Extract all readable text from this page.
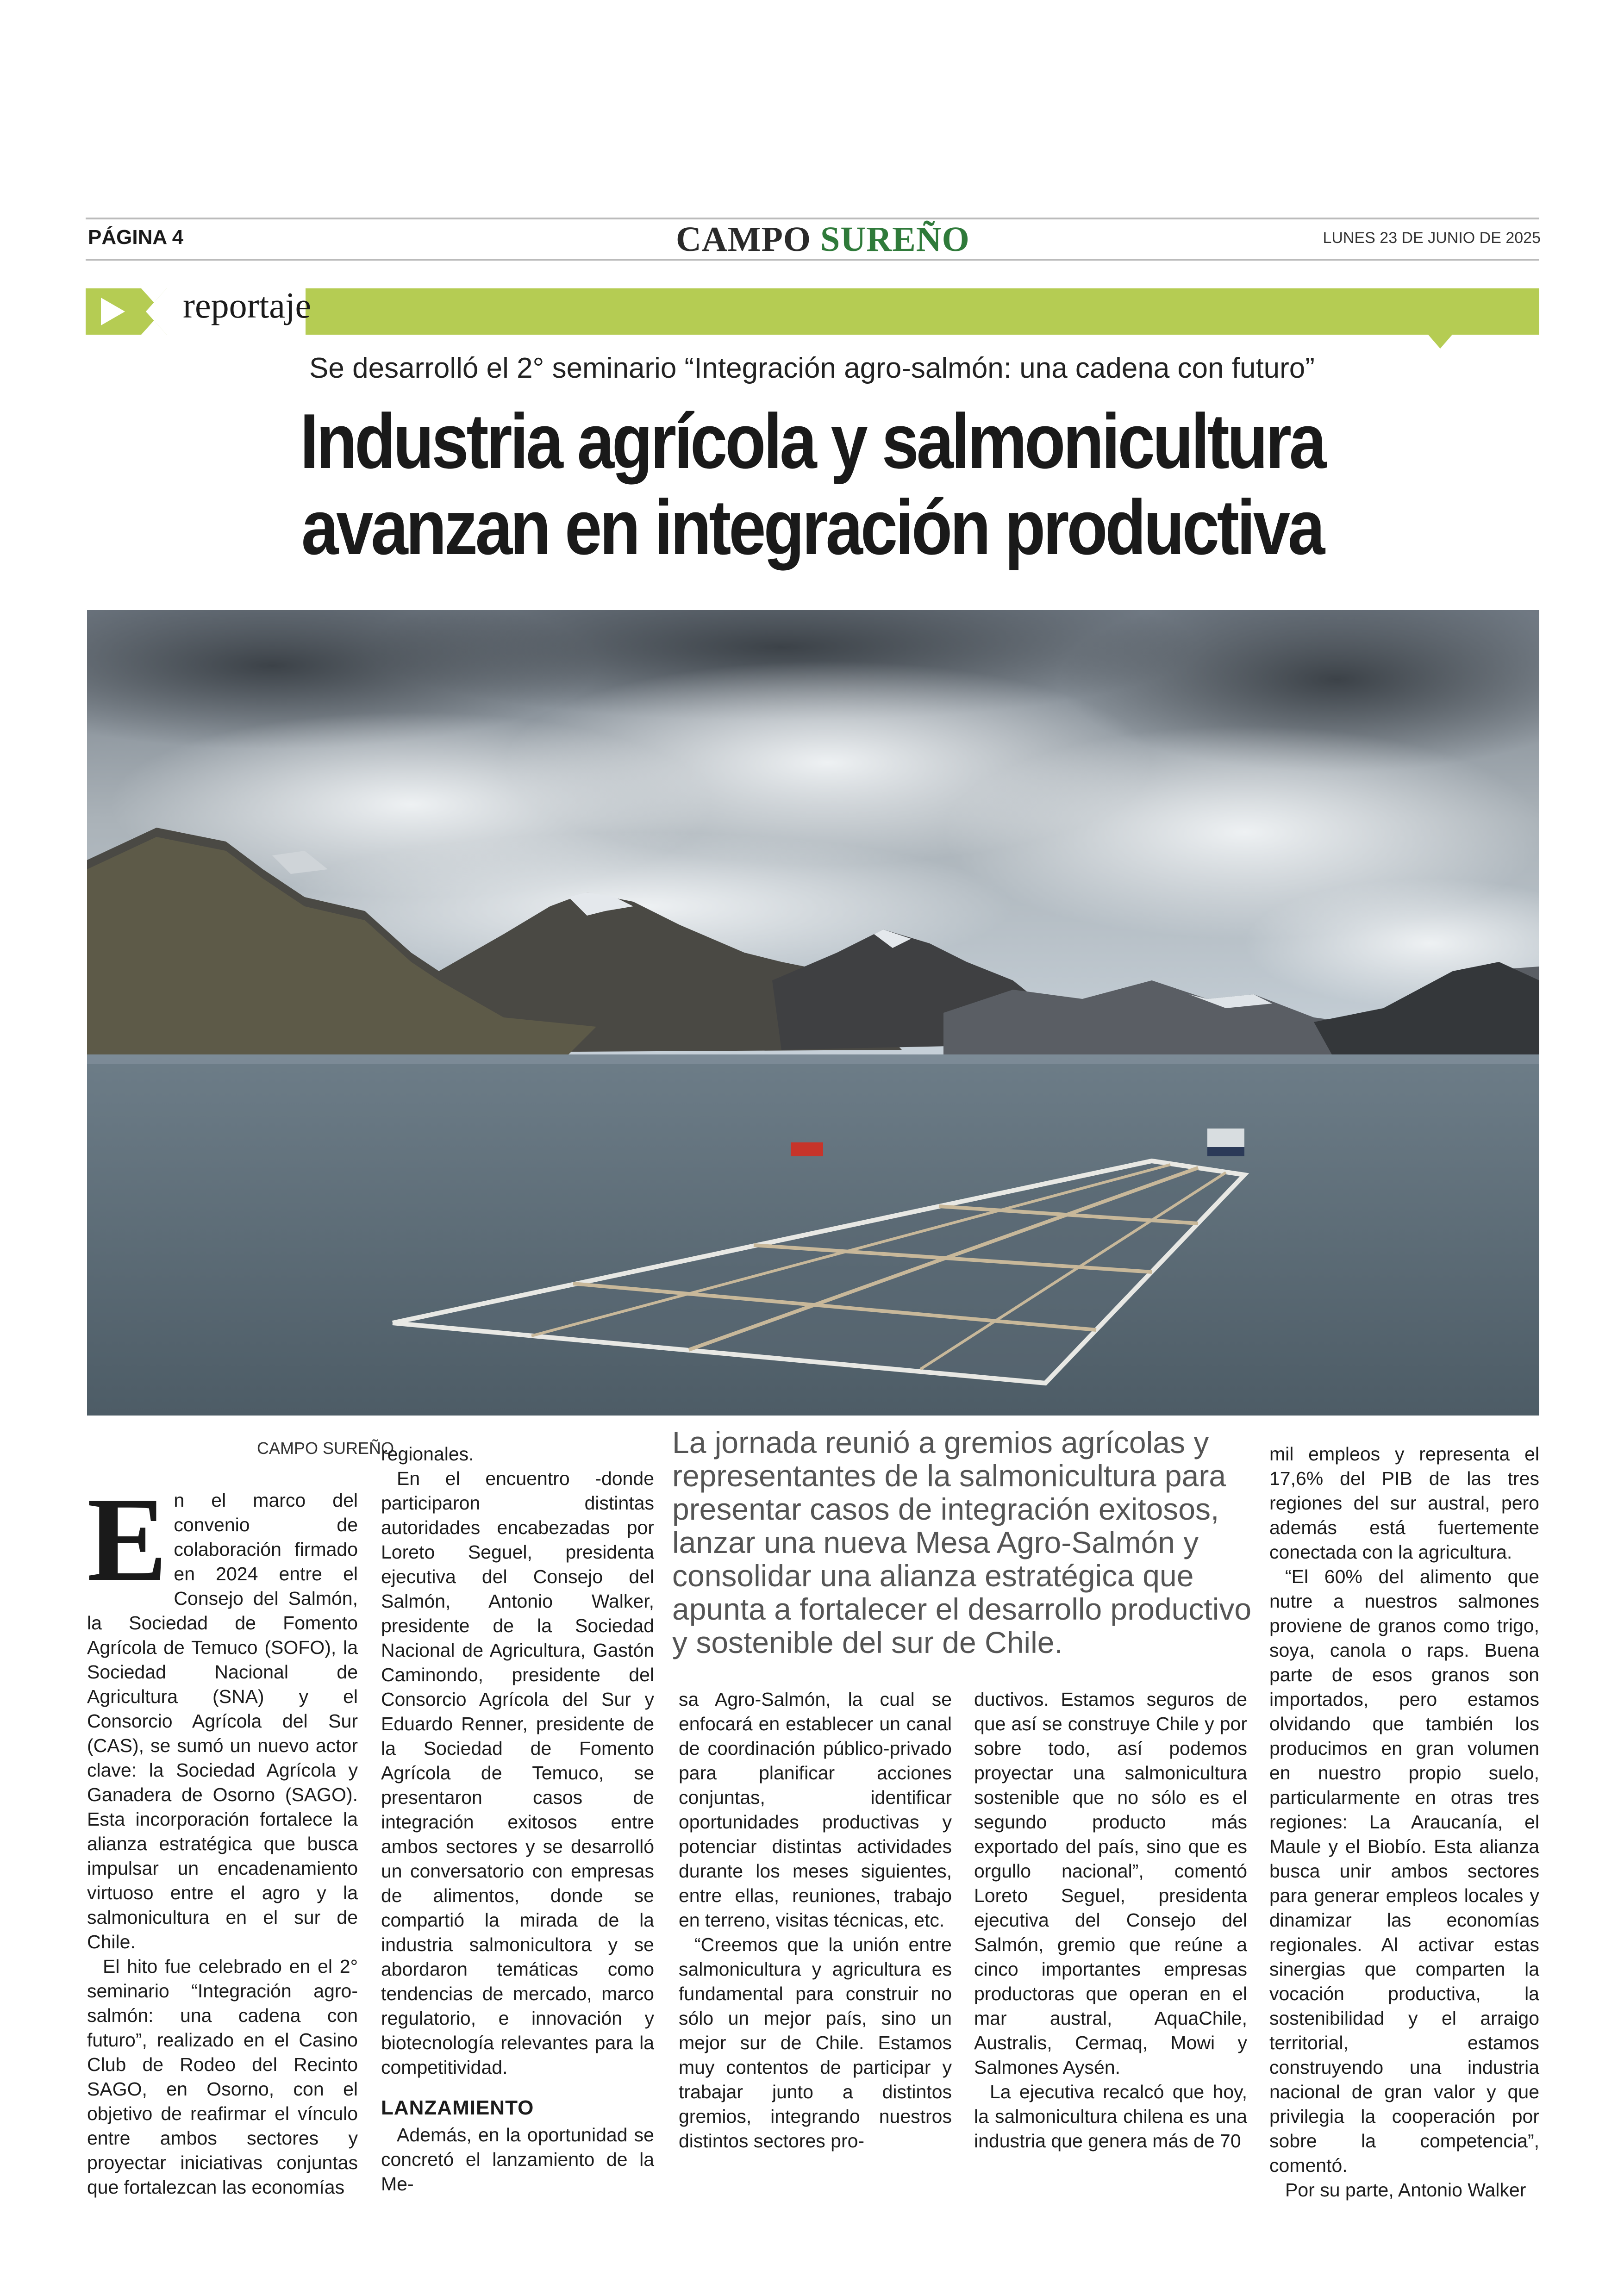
PÁGINA 4	CAMPO SUREÑO	LUNES 23 DE JUNIO DE 2025
reportaje
Se desarrolló el 2° seminario “Integración agro-salmón: una cadena con futuro”
Industria agrícola y salmonicultura
avanzan en integración productiva
CAMPO SUREÑO

En el marco del convenio de colaboración firmado en 2024 entre el Consejo del Salmón, la Sociedad de Fomento Agrícola de Temuco (SOFO), la Sociedad Nacional de Agricultura (SNA) y el Consorcio Agrícola del Sur (CAS), se sumó un nuevo actor clave: la Sociedad Agrícola y Ganadera de Osorno (SAGO). Esta incorporación fortalece la alianza estratégica que busca impulsar un encadenamiento virtuoso entre el agro y la salmonicultura en el sur de Chile.

El hito fue celebrado en el 2° seminario “Integración agro-salmón: una cadena con futuro”, realizado en el Casino Club de Rodeo del Recinto SAGO, en Osorno, con el objetivo de reafirmar el vínculo entre ambos sectores y proyectar iniciativas conjuntas que fortalezcan las economías

regionales.

En el encuentro -donde participaron distintas autoridades encabezadas por Loreto Seguel, presidenta ejecutiva del Consejo del Salmón, Antonio Walker, presidente de la Sociedad Nacional de Agricultura, Gastón Caminondo, presidente del Consorcio Agrícola del Sur y Eduardo Renner, presidente de la Sociedad de Fomento Agrícola de Temuco, se presentaron casos de integración exitosos entre ambos sectores y se desarrolló un conversatorio con empresas de alimentos, donde se compartió la mirada de la industria salmonicultora y se abordaron temáticas como tendencias de mercado, marco regulatorio, e innovación y biotecnología relevantes para la competitividad.

LANZAMIENTO

Además, en la oportunidad se concretó el lanzamiento de la Me-

La jornada reunió a gremios agrícolas y representantes de la salmonicultura para presentar casos de integración exitosos, lanzar una nueva Mesa Agro-Salmón y consolidar una alianza estratégica que apunta a fortalecer el desarrollo productivo y sostenible del sur de Chile.

sa Agro-Salmón, la cual se enfocará en establecer un canal de coordinación público-privado para planificar acciones conjuntas, identificar oportunidades productivas y potenciar distintas actividades durante los meses siguientes, entre ellas, reuniones, trabajo en terreno, visitas técnicas, etc.

“Creemos que la unión entre salmonicultura y agricultura es fundamental para construir no sólo un mejor país, sino un mejor sur de Chile. Estamos muy contentos de participar y trabajar junto a distintos gremios, integrando nuestros distintos sectores pro-

ductivos. Estamos seguros de que así se construye Chile y por sobre todo, así podemos proyectar una salmonicultura sostenible que no sólo es el segundo producto más exportado del país, sino que es orgullo nacional”, comentó Loreto Seguel, presidenta ejecutiva del Consejo del Salmón, gremio que reúne a cinco importantes empresas productoras que operan en el mar austral, AquaChile, Australis, Cermaq, Mowi y Salmones Aysén.

La ejecutiva recalcó que hoy, la salmonicultura chilena es una industria que genera más de 70

mil empleos y representa el 17,6% del PIB de las tres regiones del sur austral, pero además está fuertemente conectada con la agricultura.

“El 60% del alimento que nutre a nuestros salmones proviene de granos como trigo, soya, canola o raps. Buena parte de esos granos son importados, pero estamos olvidando que también los producimos en gran volumen en nuestro propio suelo, particularmente en otras tres regiones: La Araucanía, el Maule y el Biobío. Esta alianza busca unir ambos sectores para generar empleos locales y dinamizar las economías regionales. Al activar estas sinergias que comparten la vocación productiva, la sostenibilidad y el arraigo territorial, estamos construyendo una industria nacional de gran valor y que privilegia la cooperación por sobre la competencia”, comentó.

Por su parte, Antonio Walker
